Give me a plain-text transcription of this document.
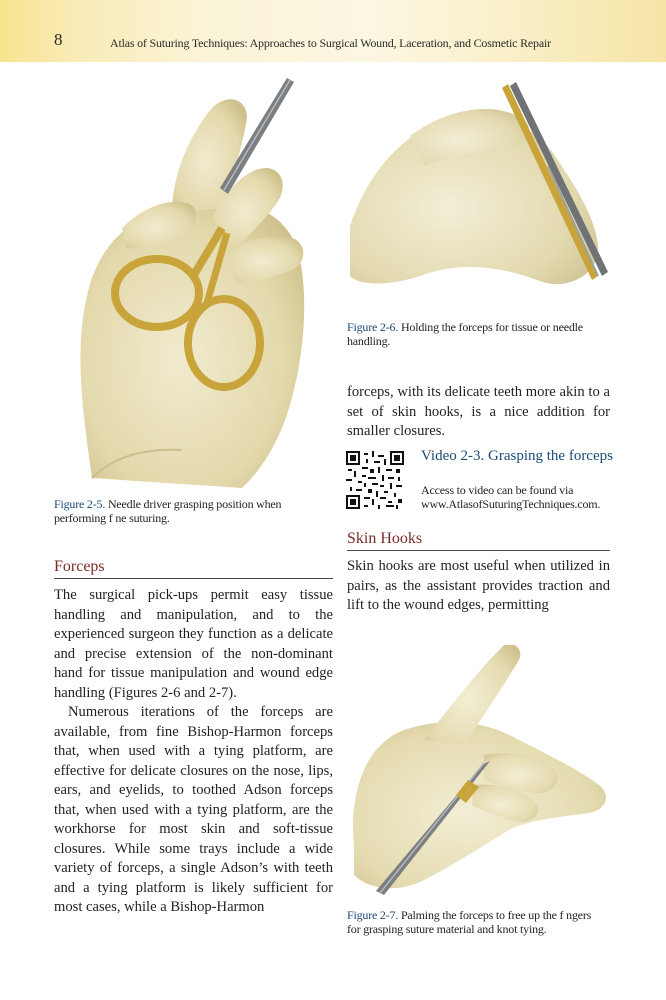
8	Atlas of Suturing Techniques: Approaches to Surgical Wound, Laceration, and Cosmetic Repair
Figure 2-5. Needle driver grasping position when
performing f ne suturing.
Figure 2-6. Holding the forceps for tissue or needle
handling.
forceps, with its delicate teeth more akin to a set of skin hooks, is a nice addition for smaller closures.
Video 2-3. Grasping the forceps
Access to video can be found via
www.AtlasofSuturingTechniques.com.
Skin Hooks
Skin hooks are most useful when utilized in pairs, as the assistant provides traction and lift to the wound edges, permitting
Forceps

The surgical pick-ups permit easy tissue handling and manipulation, and to the experienced surgeon they function as a delicate and precise extension of the non-dominant hand for tissue manipulation and wound edge handling (Figures 2-6 and 2-7).

Numerous iterations of the forceps are available, from fine Bishop-Harmon forceps that, when used with a tying platform, are effective for delicate closures on the nose, lips, ears, and eyelids, to toothed Adson forceps that, when used with a tying platform, are the workhorse for most skin and soft-tissue closures. While some trays include a wide variety of forceps, a single Adson’s with teeth and a tying platform is likely sufficient for most cases, while a Bishop-Harmon	Figure 2-7. Palming the forceps to free up the f ngers
for grasping suture material and knot tying.
